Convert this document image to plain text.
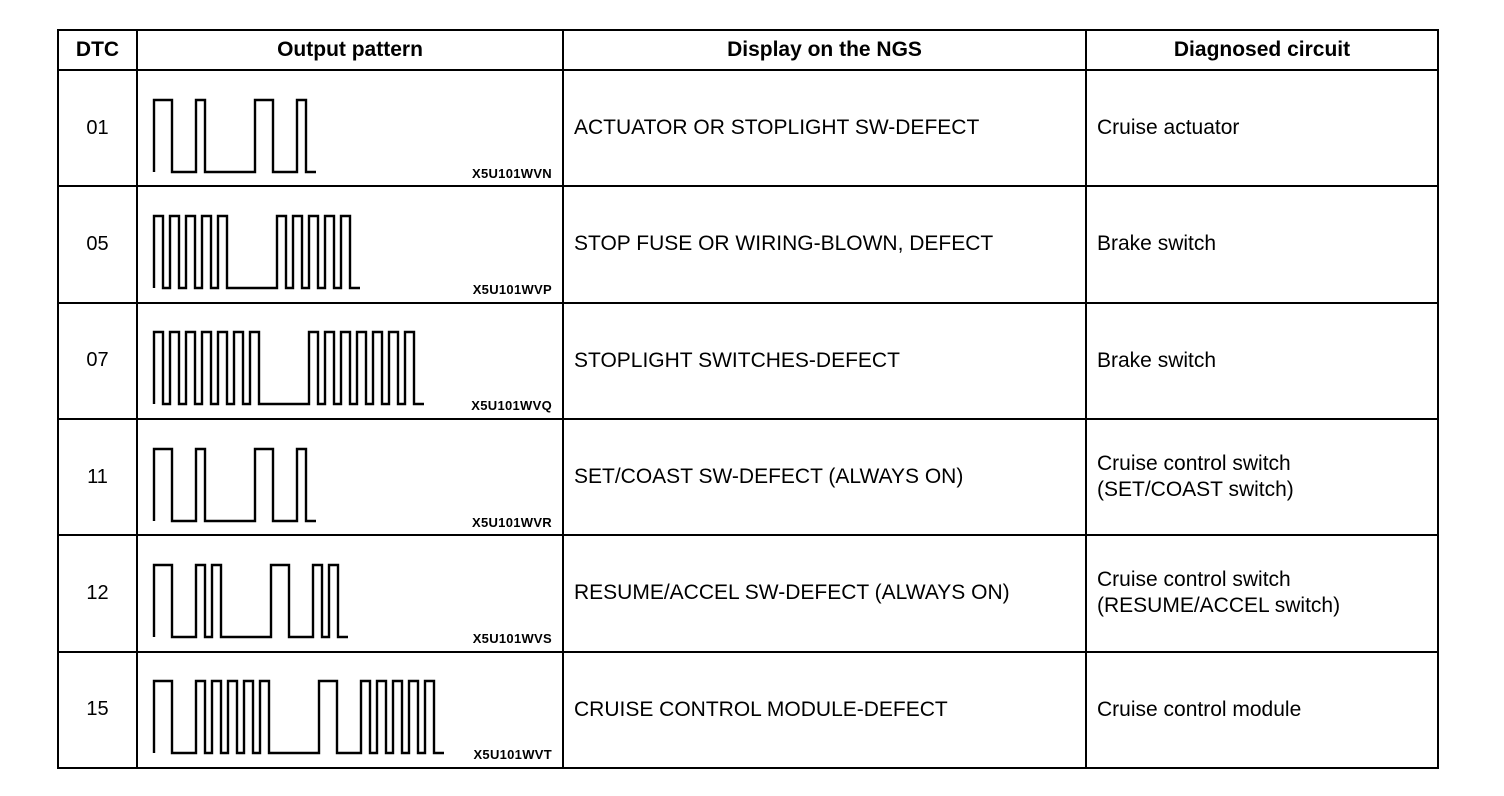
DTC	Output pattern	Display on the NGS	Diagnosed circuit
01	X5U101WVN	ACTUATOR OR STOPLIGHT SW-DEFECT	Cruise actuator

05	X5U101WVP	STOP FUSE OR WIRING-BLOWN, DEFECT	Brake switch

07	X5U101WVQ	STOPLIGHT SWITCHES-DEFECT	Brake switch

11	X5U101WVR	SET/COAST SW-DEFECT (ALWAYS ON)	Cruise control switch
(SET/COAST switch)

12	X5U101WVS	RESUME/ACCEL SW-DEFECT (ALWAYS ON)	Cruise control switch
(RESUME/ACCEL switch)

15	X5U101WVT	CRUISE CONTROL MODULE-DEFECT	Cruise control module
